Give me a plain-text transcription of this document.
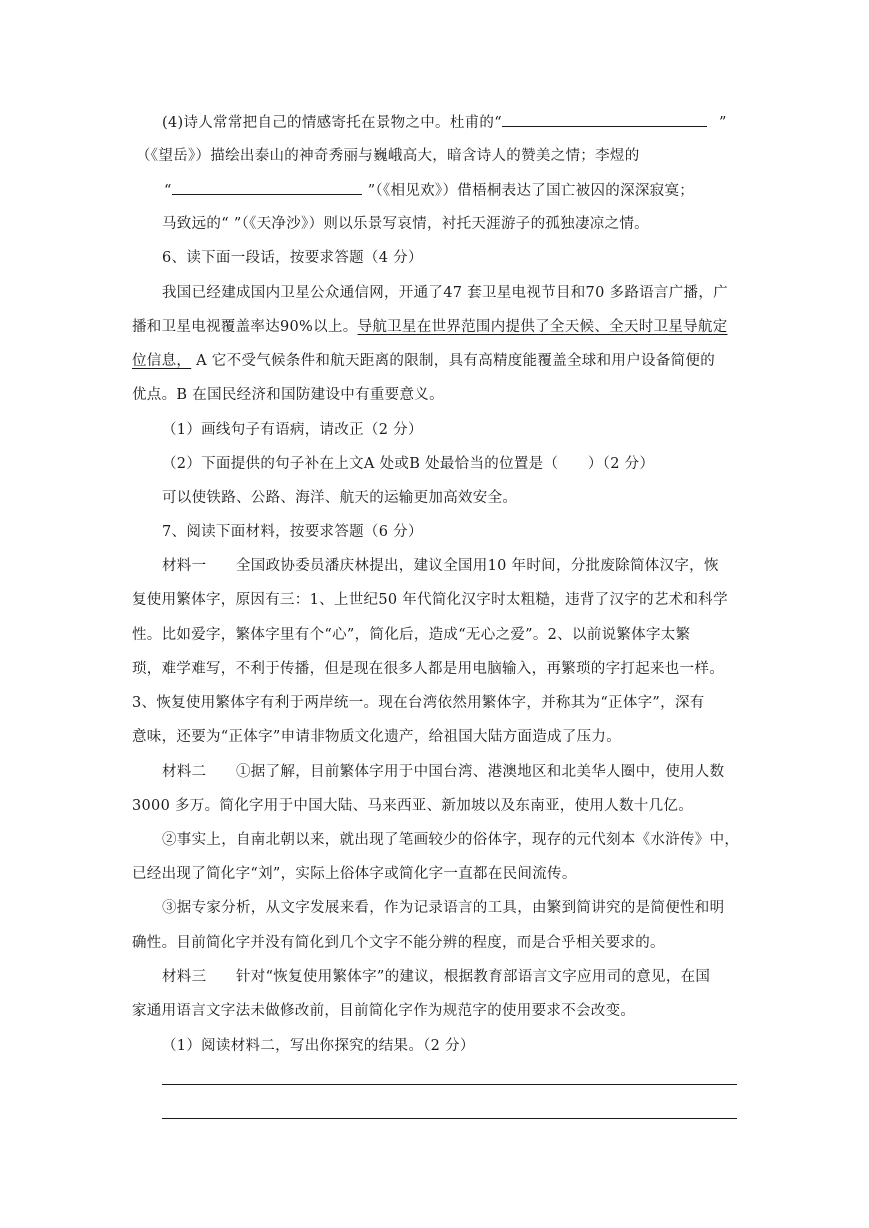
(4)诗人常常把自己的情感寄托在景物之中。杜甫的“	”
（《望岳》）描绘出泰山的神奇秀丽与巍峨高大，暗含诗人的赞美之情；李煜的
“	”（《相见欢》）借梧桐表达了国亡被囚的深深寂寞；
马致远的“ ”（《天净沙》）则以乐景写哀情，衬托天涯游子的孤独凄凉之情。
6、读下面一段话，按要求答题（4 分）
我国已经建成国内卫星公众通信网，开通了47 套卫星电视节目和70 多路语言广播，广
播和卫星电视覆盖率达90%以上。导航卫星在世界范围内提供了全天候、全天时卫星导航定
位信息， A 它不受气候条件和航天距离的限制，具有高精度能覆盖全球和用户设备简便的
优点。B 在国民经济和国防建设中有重要意义。
（1）画线句子有语病，请改正（2 分）
（2）下面提供的句子补在上文A 处或B 处最恰当的位置是（　　）（2 分）
可以使铁路、公路、海洋、航天的运输更加高效安全。
7、阅读下面材料，按要求答题（6 分）
材料一　　全国政协委员潘庆林提出，建议全国用10 年时间，分批废除简体汉字，恢
复使用繁体字，原因有三：1、上世纪50 年代简化汉字时太粗糙，违背了汉字的艺术和科学
性。比如爱字，繁体字里有个“心”，简化后，造成“无心之爱”。2、以前说繁体字太繁
琐，难学难写，不利于传播，但是现在很多人都是用电脑输入，再繁琐的字打起来也一样。
3、恢复使用繁体字有利于两岸统一。现在台湾依然用繁体字，并称其为“正体字”，深有
意味，还要为“正体字”申请非物质文化遗产，给祖国大陆方面造成了压力。
材料二　　①据了解，目前繁体字用于中国台湾、港澳地区和北美华人圈中，使用人数
3000 多万。简化字用于中国大陆、马来西亚、新加坡以及东南亚，使用人数十几亿。
②事实上，自南北朝以来，就出现了笔画较少的俗体字，现存的元代刻本《水浒传》中，
已经出现了简化字“刘”，实际上俗体字或简化字一直都在民间流传。
③据专家分析，从文字发展来看，作为记录语言的工具，由繁到简讲究的是简便性和明
确性。目前简化字并没有简化到几个文字不能分辨的程度，而是合乎相关要求的。
材料三　　针对“恢复使用繁体字”的建议，根据教育部语言文字应用司的意见，在国
家通用语言文字法未做修改前，目前简化字作为规范字的使用要求不会改变。
（1）阅读材料二，写出你探究的结果。（2 分）
